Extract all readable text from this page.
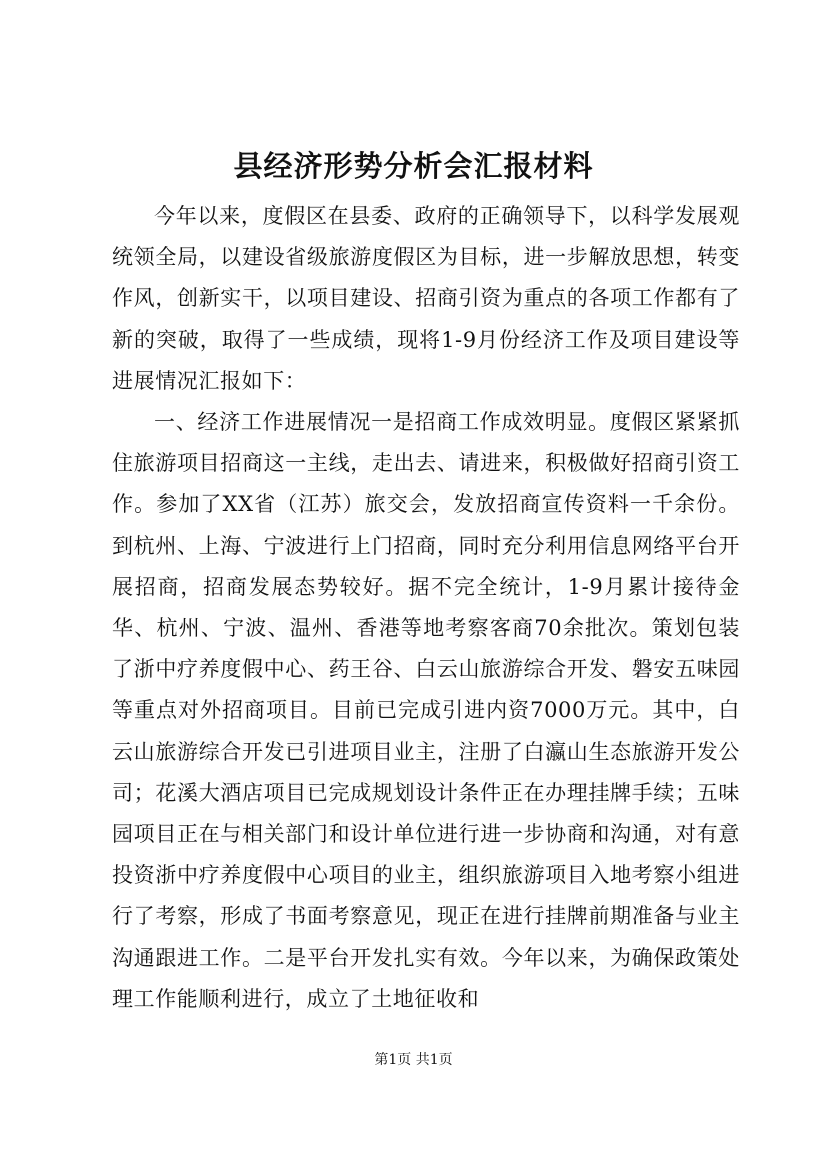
县经济形势分析会汇报材料

今年以来，度假区在县委、政府的正确领导下，以科学发展观统领全局，以建设省级旅游度假区为目标，进一步解放思想，转变作风，创新实干，以项目建设、招商引资为重点的各项工作都有了新的突破，取得了一些成绩，现将1-9月份经济工作及项目建设等进展情况汇报如下：

一、经济工作进展情况一是招商工作成效明显。度假区紧紧抓住旅游项目招商这一主线，走出去、请进来，积极做好招商引资工作。参加了XX省（江苏）旅交会，发放招商宣传资料一千余份。到杭州、上海、宁波进行上门招商，同时充分利用信息网络平台开展招商，招商发展态势较好。据不完全统计，1-9月累计接待金华、杭州、宁波、温州、香港等地考察客商70余批次。策划包装了浙中疗养度假中心、药王谷、白云山旅游综合开发、磐安五味园等重点对外招商项目。目前已完成引进内资7000万元。其中，白云山旅游综合开发已引进项目业主，注册了白瀛山生态旅游开发公司；花溪大酒店项目已完成规划设计条件正在办理挂牌手续；五味园项目正在与相关部门和设计单位进行进一步协商和沟通，对有意投资浙中疗养度假中心项目的业主，组织旅游项目入地考察小组进行了考察，形成了书面考察意见，现正在进行挂牌前期准备与业主沟通跟进工作。二是平台开发扎实有效。今年以来，为确保政策处理工作能顺利进行，成立了土地征收和

第1页 共1页
